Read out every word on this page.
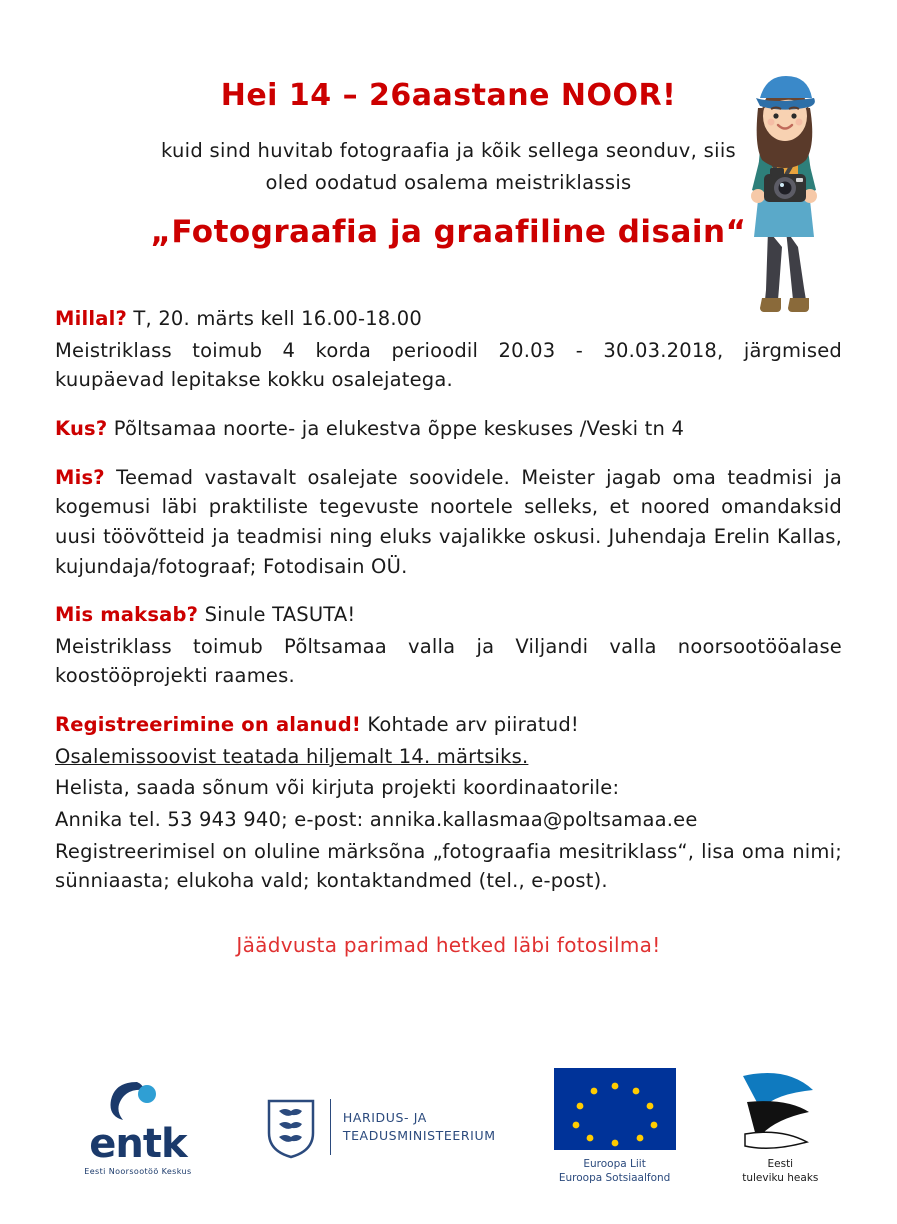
Hei 14 – 26aastane NOOR!
kuid sind huvitab fotograafia ja kõik sellega seonduv, siis
oled oodatud osalema meistriklassis
„Fotograafia ja graafiline disain“
Millal? T, 20. märts kell 16.00-18.00
Meistriklass toimub 4 korda perioodil 20.03 - 30.03.2018, järgmised kuupäevad lepitakse kokku osalejatega.
Kus? Põltsamaa noorte- ja elukestva õppe keskuses /Veski tn 4
Mis? Teemad vastavalt osalejate soovidele. Meister jagab oma teadmisi ja kogemusi läbi praktiliste tegevuste noortele selleks, et noored omandaksid uusi töövõtteid ja teadmisi ning eluks vajalikke oskusi. Juhendaja Erelin Kallas, kujundaja/fotograaf; Fotodisain OÜ.
Mis maksab? Sinule TASUTA!
Meistriklass toimub Põltsamaa valla ja Viljandi valla noorsootööalase koostööprojekti raames.
Registreerimine on alanud! Kohtade arv piiratud!
Osalemissoovist teatada hiljemalt 14. märtsiks.
Helista, saada sõnum või kirjuta projekti koordinaatorile:
Annika tel. 53 943 940; e-post: annika.kallasmaa@poltsamaa.ee
Registreerimisel on oluline märksõna „fotograafia mesitriklass“, lisa oma nimi; sünniaasta; elukoha vald; kontaktandmed (tel., e-post).
Jäädvusta parimad hetked läbi fotosilma!
entk
Eesti Noorsootöö Keskus
HARIDUS- JA
TEADUSMINISTEERIUM
Euroopa Liit
Euroopa Sotsiaalfond
Eesti
tuleviku heaks
